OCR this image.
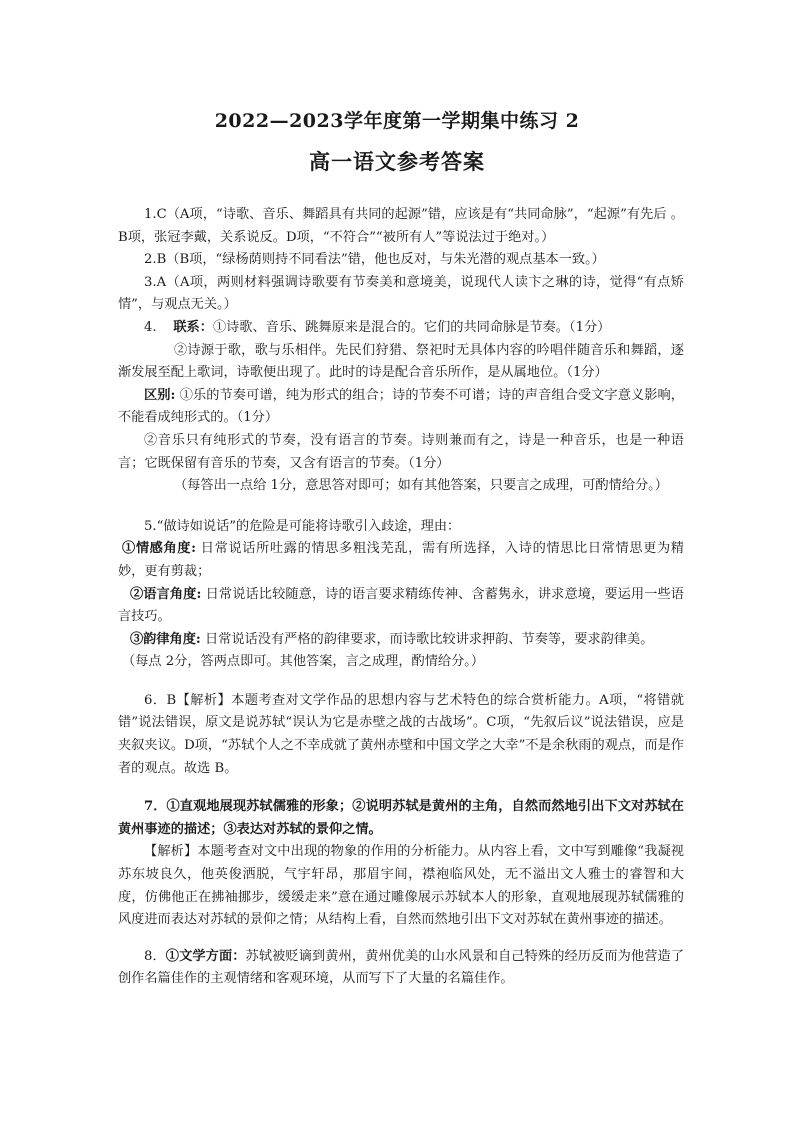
2022—2023学年度第一学期集中练习 2
高一语文参考答案

1.C（A项，“诗歌、音乐、舞蹈具有共同的起源”错，应该是有“共同命脉”，“起源”有先后 。B项，张冠李戴，关系说反。D项，“不符合”“被所有人”等说法过于绝对。）

2.B（B项，“绿杨荫则持不同看法”错，他也反对，与朱光潜的观点基本一致。）

3.A（A项，两则材料强调诗歌要有节奏美和意境美，说现代人读卞之琳的诗，觉得“有点矫情”，与观点无关。）

4. 联系：①诗歌、音乐、跳舞原来是混合的。它们的共同命脉是节奏。（1分）

②诗源于歌，歌与乐相伴。先民们狩猎、祭祀时无具体内容的吟唱伴随音乐和舞蹈，逐渐发展至配上歌词，诗歌便出现了。此时的诗是配合音乐所作，是从属地位。（1分）

区别: ①乐的节奏可谱，纯为形式的组合；诗的节奏不可谱；诗的声音组合受文字意义影响，不能看成纯形式的。（1分）

②音乐只有纯形式的节奏，没有语言的节奏。诗则兼而有之，诗是一种音乐，也是一种语言；它既保留有音乐的节奏，又含有语言的节奏。（1分）

（每答出一点给 1分，意思答对即可；如有其他答案，只要言之成理，可酌情给分。）

5.“做诗如说话”的危险是可能将诗歌引入歧途，理由：

①情感角度: 日常说话所吐露的情思多粗浅芜乱，需有所选择，入诗的情思比日常情思更为精妙，更有剪裁；

②语言角度: 日常说话比较随意，诗的语言要求精练传神、含蓄隽永，讲求意境，要运用一些语言技巧。

③韵律角度: 日常说话没有严格的韵律要求，而诗歌比较讲求押韵、节奏等，要求韵律美。

（每点 2分，答两点即可。其他答案，言之成理，酌情给分。）

6．B【解析】本题考查对文学作品的思想内容与艺术特色的综合赏析能力。A项，“将错就错”说法错误，原文是说苏轼“误认为它是赤壁之战的古战场”。C项，“先叙后议”说法错误，应是夹叙夹议。D项，“苏轼个人之不幸成就了黄州赤壁和中国文学之大幸”不是余秋雨的观点，而是作者的观点。故选 B。

7．①直观地展现苏轼儒雅的形象；②说明苏轼是黄州的主角，自然而然地引出下文对苏轼在黄州事迹的描述；③表达对苏轼的景仰之情。

【解析】本题考查对文中出现的物象的作用的分析能力。从内容上看，文中写到雕像“我凝视苏东坡良久，他英俊洒脱，气宇轩昂，那眉宇间，襟袍临风处，无不溢出文人雅士的睿智和大度，仿佛他正在拂袖挪步，缓缓走来”意在通过雕像展示苏轼本人的形象，直观地展现苏轼儒雅的风度进而表达对苏轼的景仰之情；从结构上看，自然而然地引出下文对苏轼在黄州事迹的描述。

8．①文学方面：苏轼被贬谪到黄州，黄州优美的山水风景和自己特殊的经历反而为他营造了创作名篇佳作的主观情绪和客观环境，从而写下了大量的名篇佳作。
